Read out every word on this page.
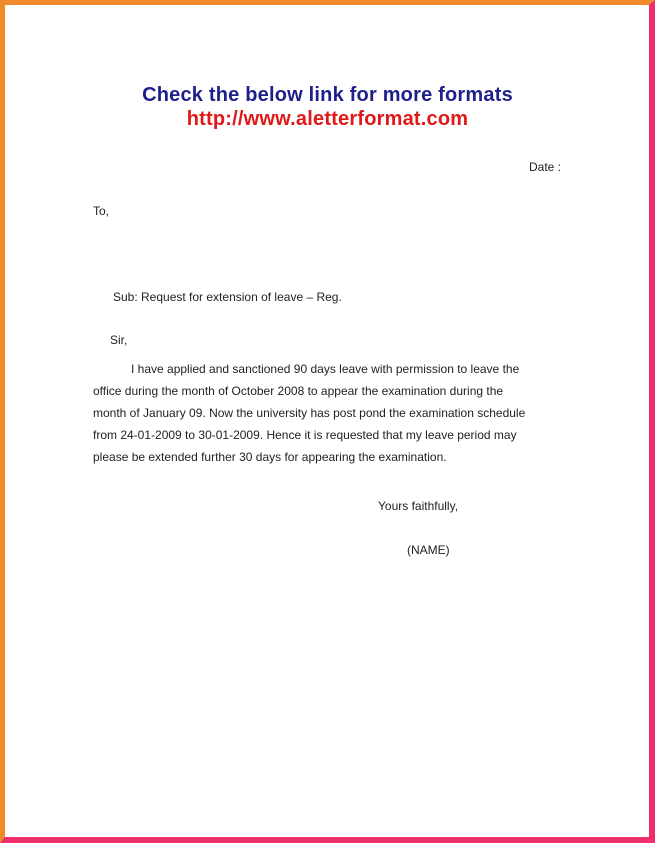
Check the below link for more formats
http://www.aletterformat.com
Date :
To,
Sub: Request for extension of leave – Reg.
Sir,
I have applied and sanctioned 90 days leave with permission to leave the
office during the month of October 2008 to appear the examination during the
month of January 09. Now the university has post pond the examination schedule
from 24-01-2009 to 30-01-2009. Hence it is requested that my leave period may
please be extended further 30 days for appearing the examination.
Yours faithfully,
(NAME)
